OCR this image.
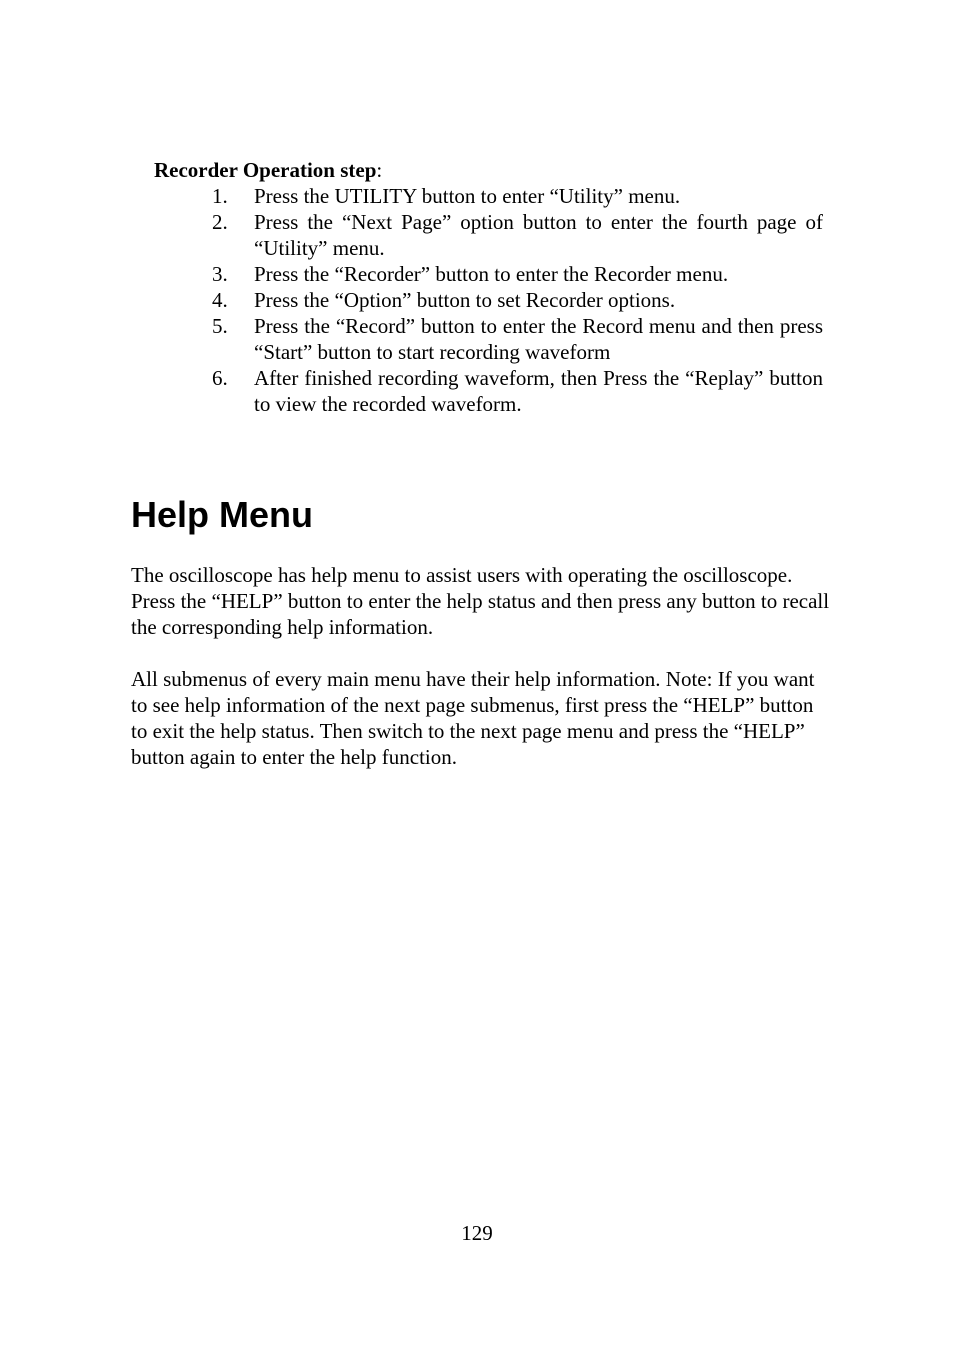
Recorder Operation step:
1. Press the UTILITY button to enter “Utility” menu.
2. Press the “Next Page” option button to enter the fourth page of “Utility” menu.
3. Press the “Recorder” button to enter the Recorder menu.
4. Press the “Option” button to set Recorder options.
5. Press the “Record” button to enter the Record menu and then press “Start” button to start recording waveform
6. After finished recording waveform, then Press the “Replay” button to view the recorded waveform.
Help Menu

The oscilloscope has help menu to assist users with operating the oscilloscope.

Press the “HELP” button to enter the help status and then press any button to recall the corresponding help information.

All submenus of every main menu have their help information. Note: If you want to see help information of the next page submenus, first press the “HELP” button to exit the help status. Then switch to the next page menu and press the “HELP” button again to enter the help function.

129
